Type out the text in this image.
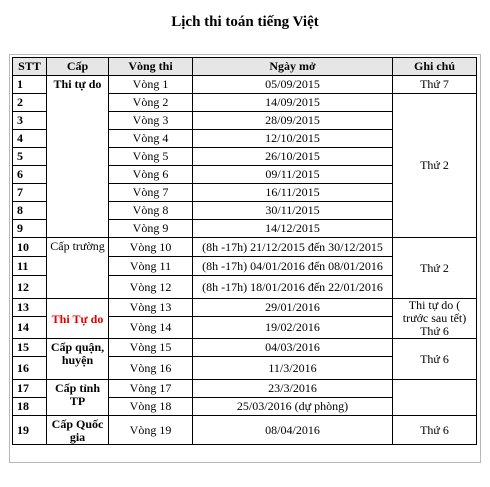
Lịch thi toán tiếng Việt
STT	Cấp	Vòng thi	Ngày mở	Ghi chú
1	Thi tự do	Vòng 1	05/09/2015	Thứ 7
2		Vòng 2	14/09/2015	Thứ 2
3		Vòng 3	28/09/2015	
4		Vòng 4	12/10/2015	
5		Vòng 5	26/10/2015	
6		Vòng 6	09/11/2015	
7		Vòng 7	16/11/2015	
8		Vòng 8	30/11/2015	
9		Vòng 9	14/12/2015	
10	Cấp trường	Vòng 10	(8h -17h) 21/12/2015 đến 30/12/2015	Thứ 2
11		Vòng 11	(8h -17h) 04/01/2016 đến 08/01/2016	
12		Vòng 12	(8h -17h) 18/01/2016 đến 22/01/2016	
13	Thi Tự do	Vòng 13	29/01/2016	Thi tự do ( trước sau tết) Thứ 6
14		Vòng 14	19/02/2016	
15	Cấp quận, huyện	Vòng 15	04/03/2016	Thứ 6
16		Vòng 16	11/3/2016	
17	Cấp tỉnh TP	Vòng 17	23/3/2016	
18		Vòng 18	25/03/2016 (dự phòng)	
19	Cấp Quốc gia	Vòng 19	08/04/2016	Thứ 6
